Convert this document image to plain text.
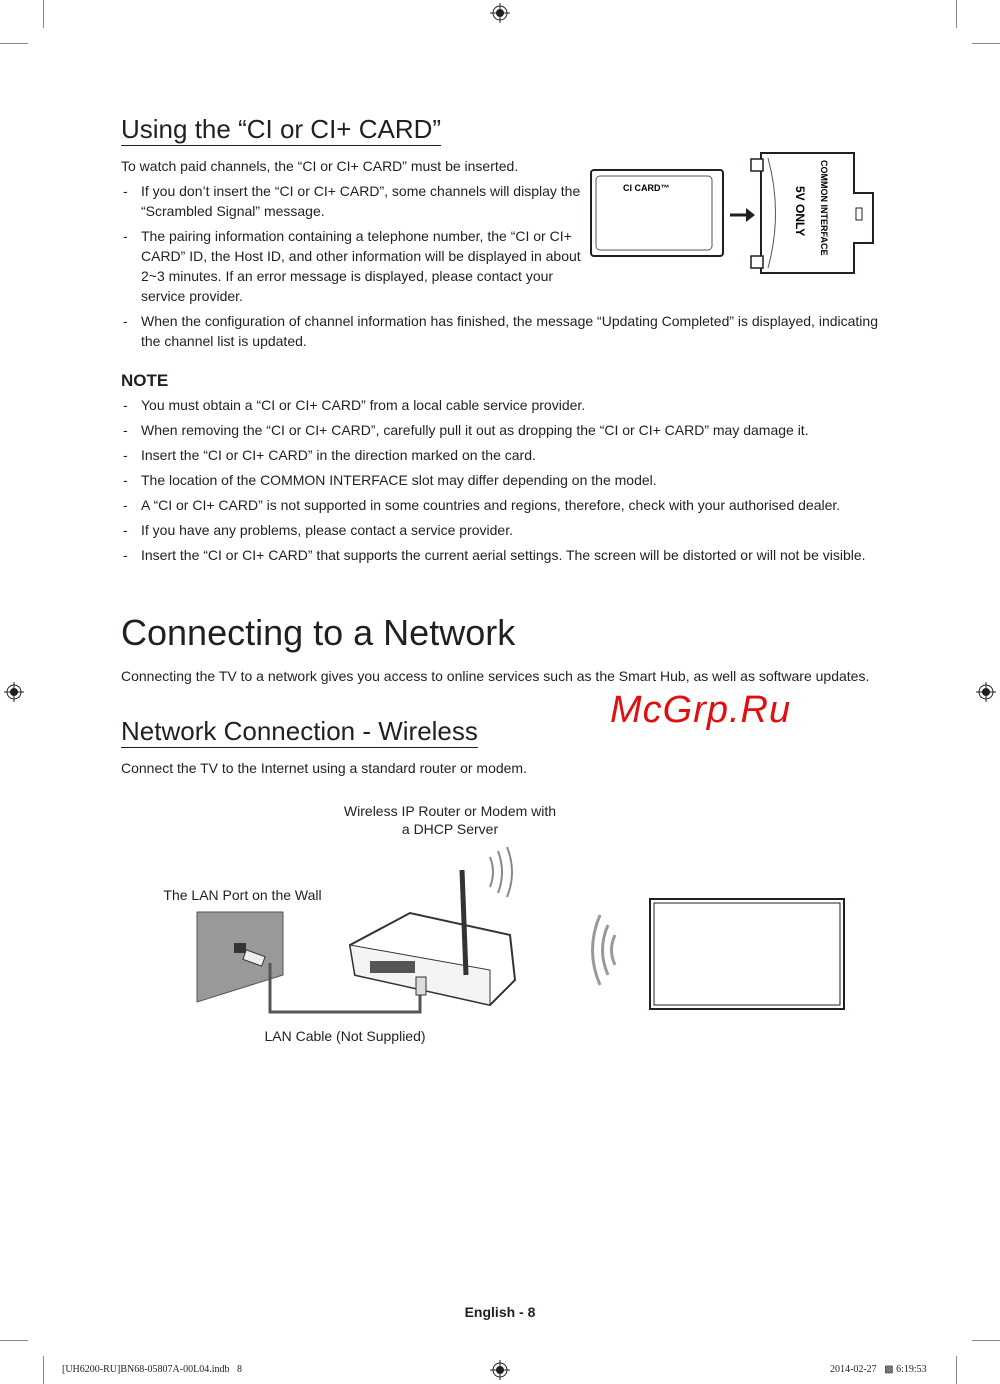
Using the “CI or CI+ CARD”
To watch paid channels, the “CI or CI+ CARD” must be inserted.
- If you don’t insert the “CI or CI+ CARD”, some channels will display the “Scrambled Signal” message.
- The pairing information containing a telephone number, the “CI or CI+ CARD” ID, the Host ID, and other information will be displayed in about 2~3 minutes. If an error message is displayed, please contact your service provider.
- When the configuration of channel information has finished, the message “Updating Completed” is displayed, indicating the channel list is updated.
CI CARD™	COMMON INTERFACE
5V ONLY
NOTE
- You must obtain a “CI or CI+ CARD” from a local cable service provider.
- When removing the “CI or CI+ CARD”, carefully pull it out as dropping the “CI or CI+ CARD” may damage it.
- Insert the “CI or CI+ CARD” in the direction marked on the card.
- The location of the COMMON INTERFACE slot may differ depending on the model.
- A “CI or CI+ CARD” is not supported in some countries and regions, therefore, check with your authorised dealer.
- If you have any problems, please contact a service provider.
- Insert the “CI or CI+ CARD” that supports the current aerial settings. The screen will be distorted or will not be visible.
Connecting to a Network
Connecting the TV to a network gives you access to online services such as the Smart Hub, as well as software updates.
McGrp.Ru
Network Connection - Wireless
Connect the TV to the Internet using a standard router or modem.
Wireless IP Router or Modem with
a DHCP Server
The LAN Port on the Wall
LAN Cable (Not Supplied)
English - 8
[UH6200-RU]BN68-05807A-00L04.indb   8	2014-02-27   ▩ 6:19:53
